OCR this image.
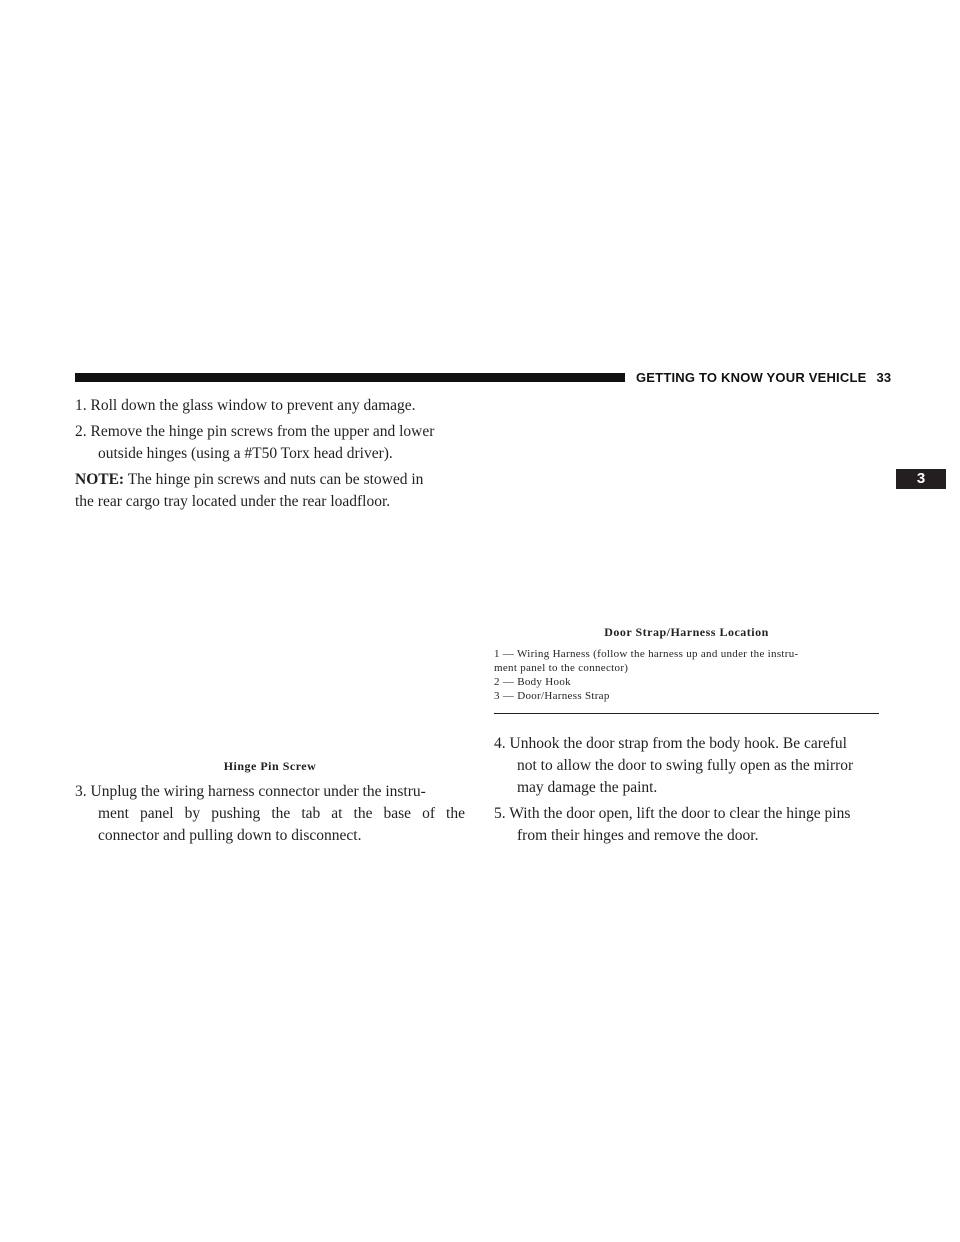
GETTING TO KNOW YOUR VEHICLE 33
3
1. Roll down the glass window to prevent any damage.
2. Remove the hinge pin screws from the upper and lower
outside hinges (using a #T50 Torx head driver).
NOTE: The hinge pin screws and nuts can be stowed in
the rear cargo tray located under the rear loadfloor.
Hinge Pin Screw
3. Unplug the wiring harness connector under the instru-
ment panel by pushing the tab at the base of the
connector and pulling down to disconnect.
Door Strap/Harness Location
1 — Wiring Harness (follow the harness up and under the instru-
ment panel to the connector)
2 — Body Hook
3 — Door/Harness Strap
4. Unhook the door strap from the body hook. Be careful
not to allow the door to swing fully open as the mirror
may damage the paint.
5. With the door open, lift the door to clear the hinge pins
from their hinges and remove the door.
